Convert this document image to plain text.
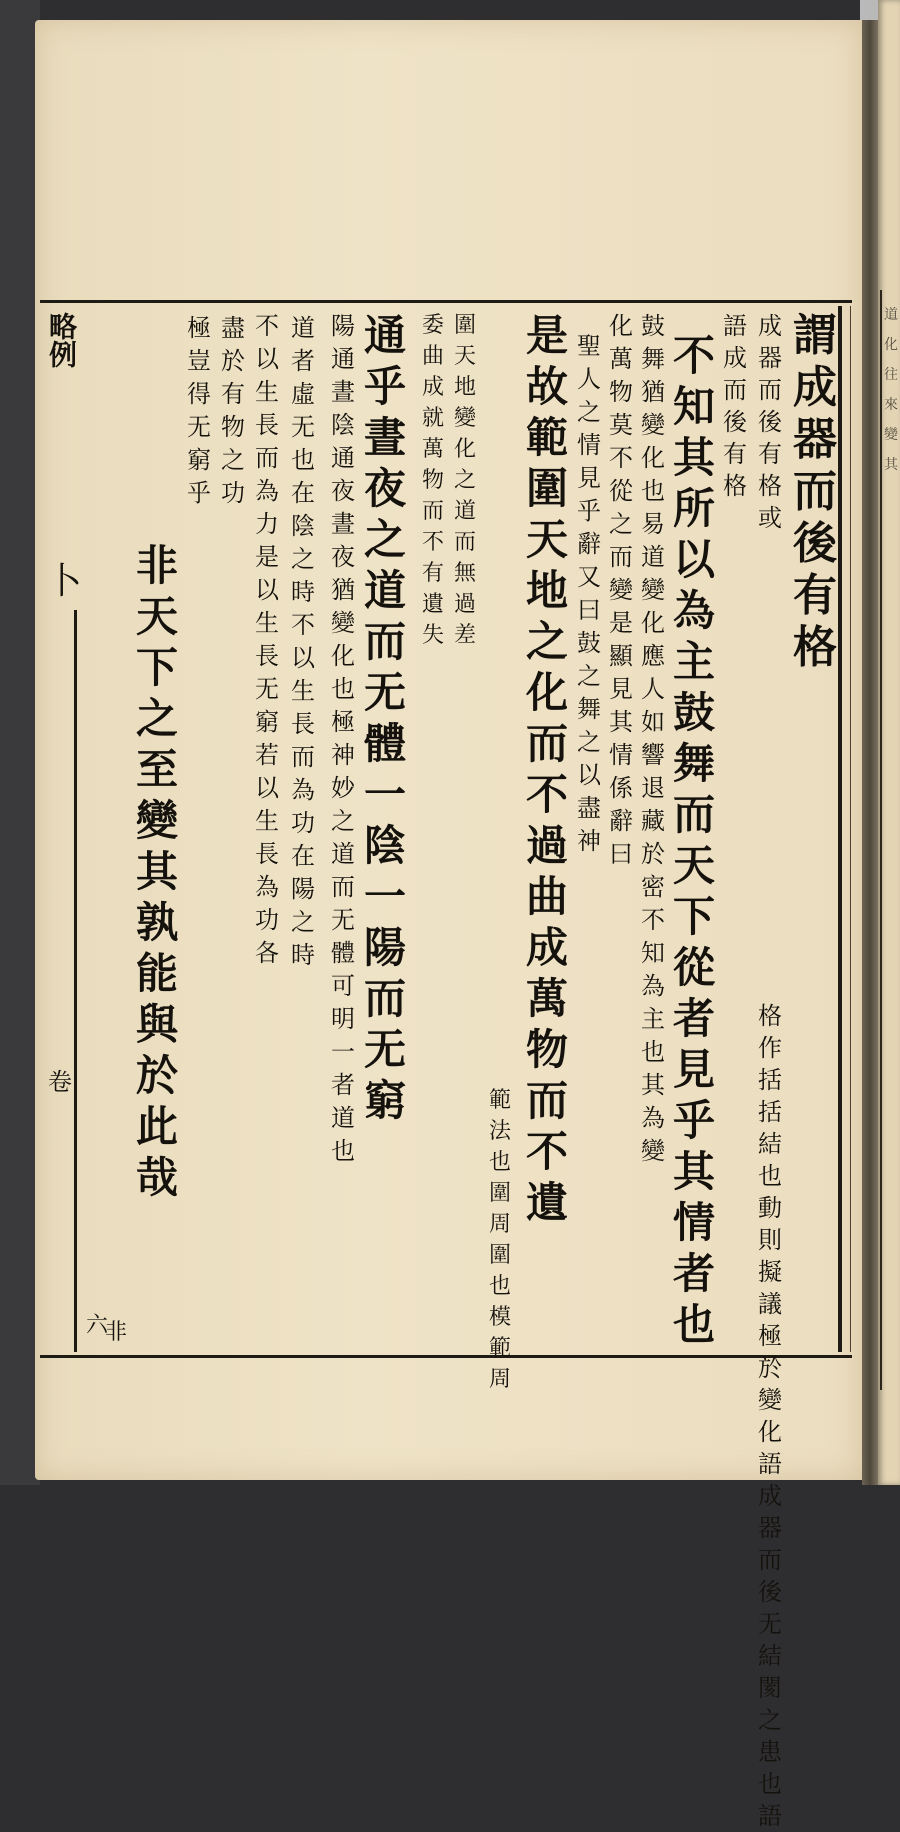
道
化
往
來
變
其
略例
卜
卷
六
謂
成
器
而
後
有
格
格
作
括
括
結
也
動
則
擬
議
極
於
變
化
語
成
器
而
後
无
結
閡
之
患
也
語
成
器
而
後
有
格
或
語
成
而
後
有
格
不
知
其
所
以
為
主
鼓
舞
而
天
下
從
者
見
乎
其
情
者
也
鼓
舞
猶
變
化
也
易
道
變
化
應
人
如
響
退
藏
於
密
不
知
為
主
也
其
為
變
化
萬
物
莫
不
從
之
而
變
是
顯
見
其
情
係
辭
曰
聖
人
之
情
見
乎
辭
又
曰
鼓
之
舞
之
以
盡
神
是
故
範
圍
天
地
之
化
而
不
過
曲
成
萬
物
而
不
遺
範
法
也
圍
周
圍
也
模
範
周
圍
天
地
變
化
之
道
而
無
過
差
委
曲
成
就
萬
物
而
不
有
遺
失
通
乎
晝
夜
之
道
而
无
體
一
陰
一
陽
而
无
窮
陽
通
晝
陰
通
夜
晝
夜
猶
變
化
也
極
神
妙
之
道
而
无
體
可
明
一
者
道
也
道
者
虛
无
也
在
陰
之
時
不
以
生
長
而
為
功
在
陽
之
時
不
以
生
長
而
為
力
是
以
生
長
无
窮
若
以
生
長
為
功
各
盡
於
有
物
之
功
極
豈
得
无
窮
乎
非
天
下
之
至
變
其
孰
能
與
於
此
哉
非
